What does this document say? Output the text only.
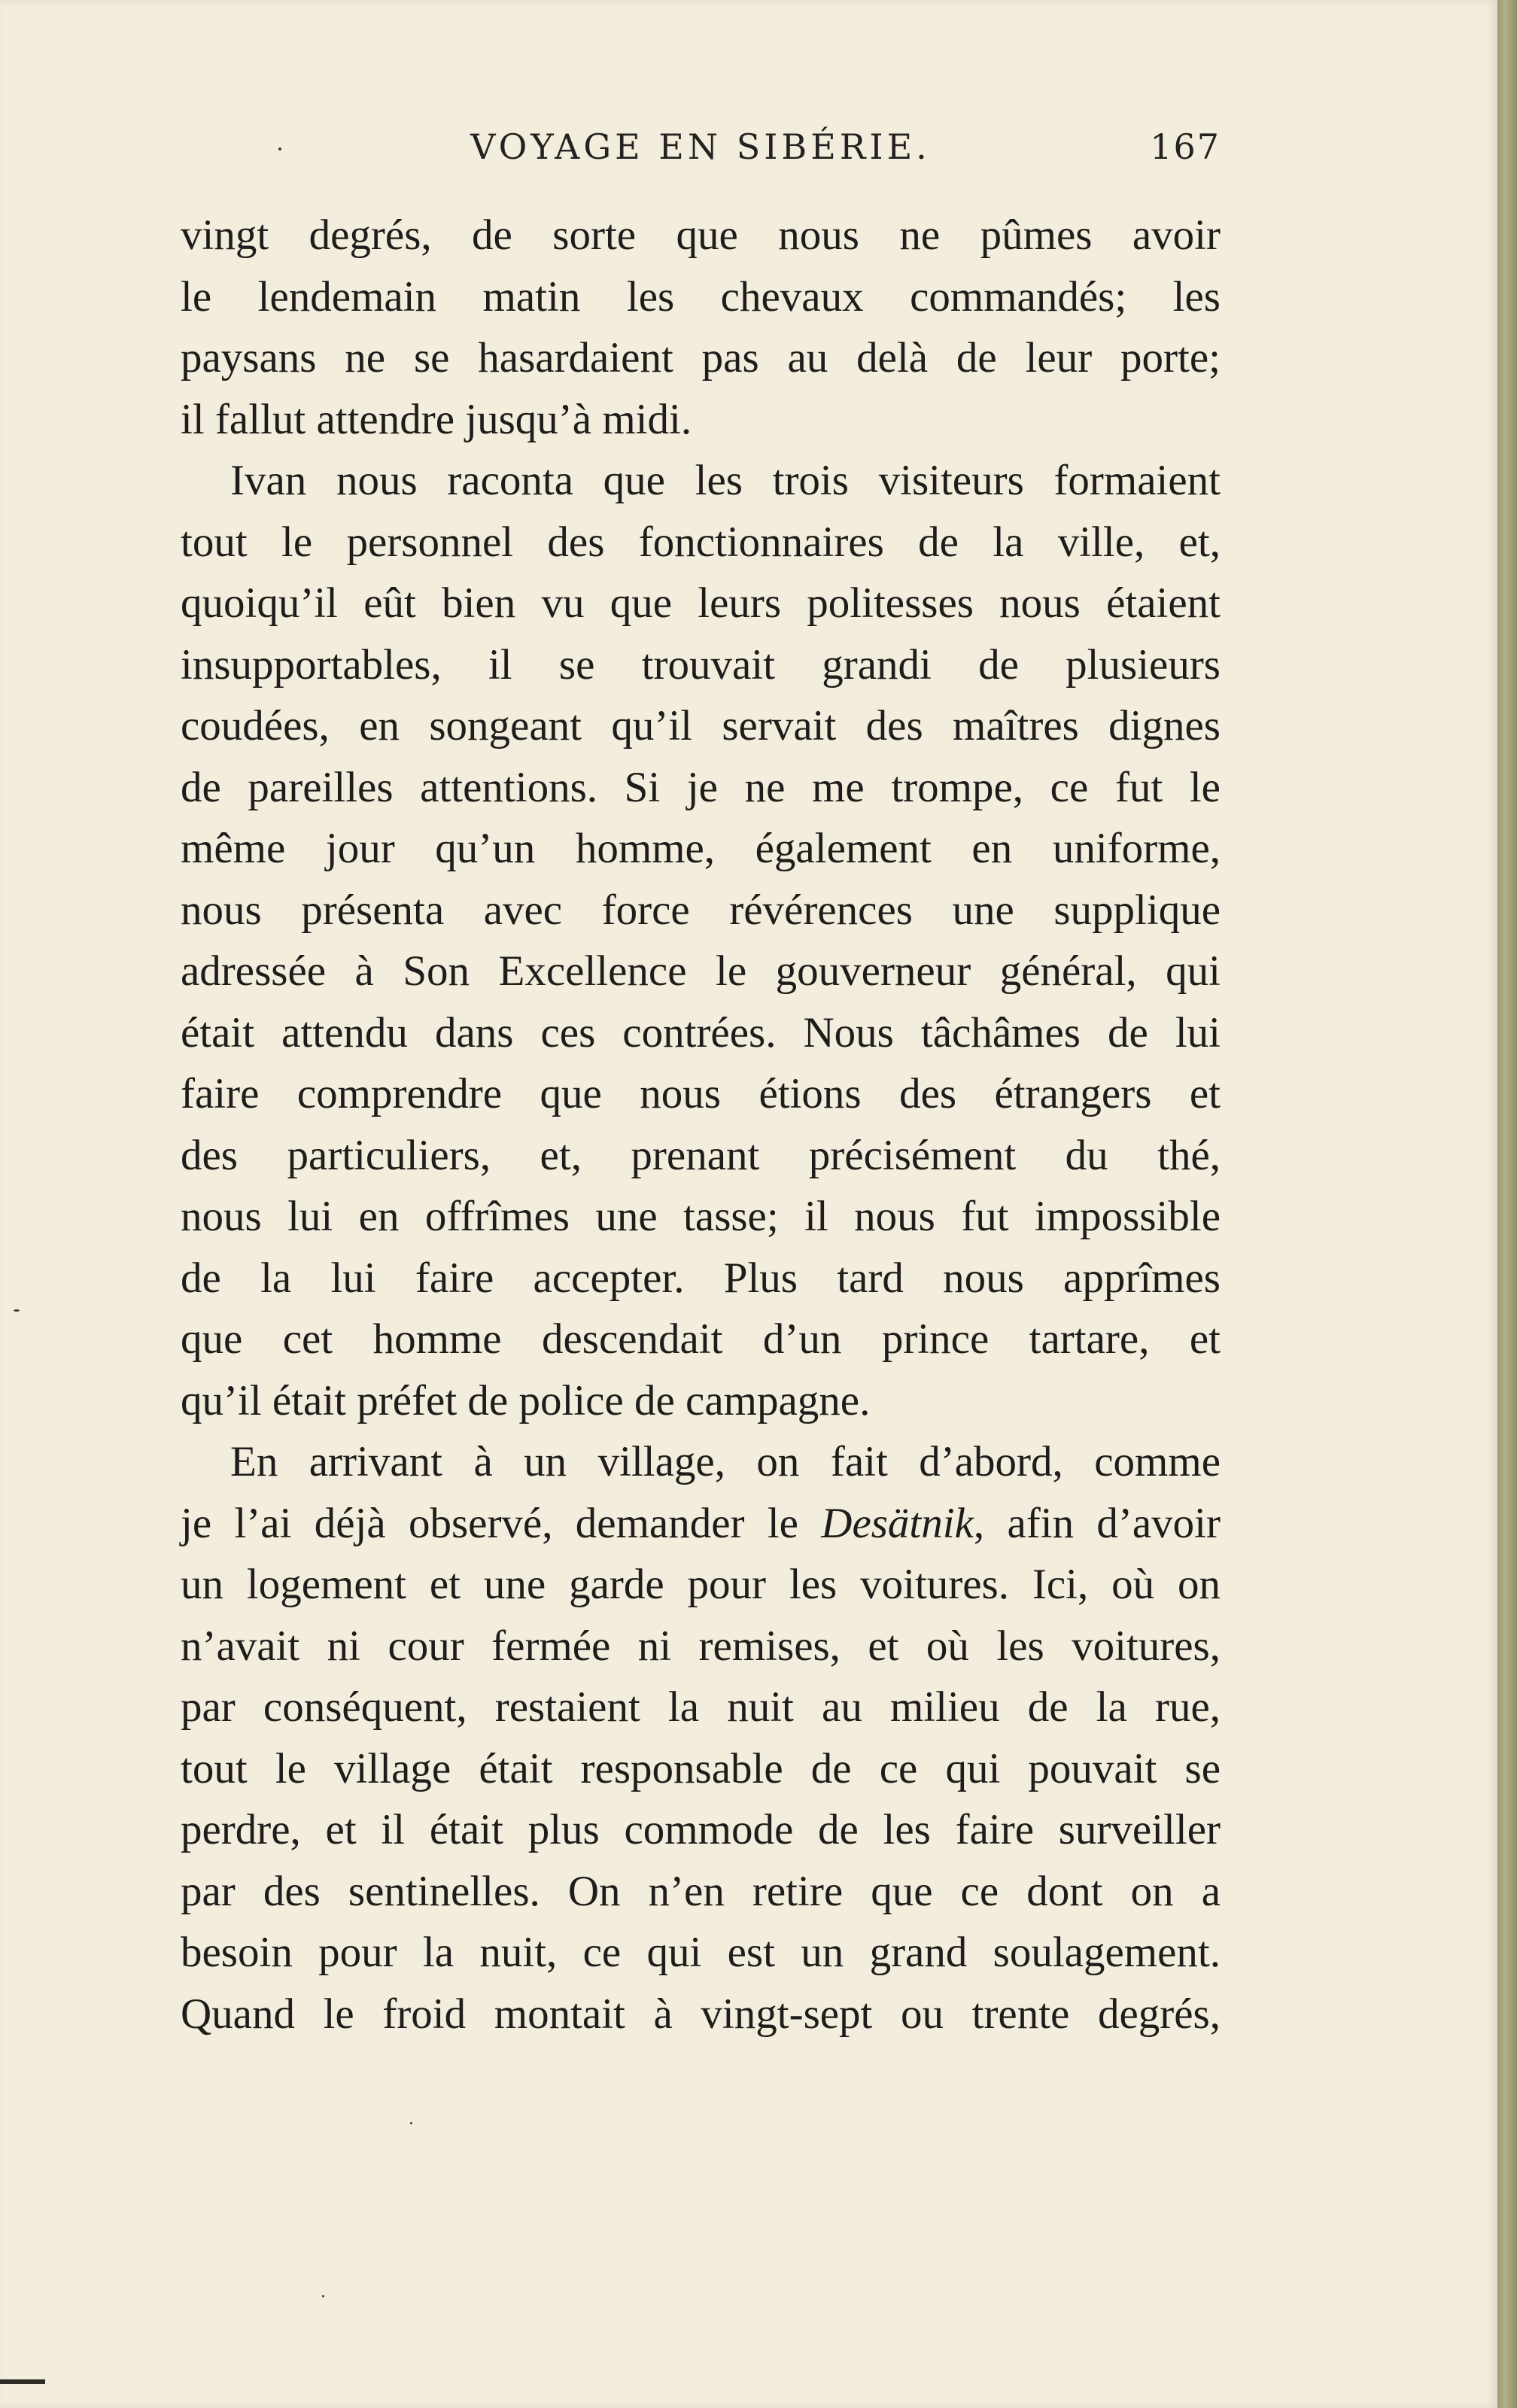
VOYAGE EN SIBÉRIE.	167
vingt degrés, de sorte que nous ne pûmes avoir
le lendemain matin les chevaux commandés; les
paysans ne se hasardaient pas au delà de leur porte;
il fallut attendre jusqu’à midi.
Ivan nous raconta que les trois visiteurs formaient
tout le personnel des fonctionnaires de la ville, et,
quoiqu’il eût bien vu que leurs politesses nous étaient
insupportables, il se trouvait grandi de plusieurs
coudées, en songeant qu’il servait des maîtres dignes
de pareilles attentions. Si je ne me trompe, ce fut le
même jour qu’un homme, également en uniforme,
nous présenta avec force révérences une supplique
adressée à Son Excellence le gouverneur général, qui
était attendu dans ces contrées. Nous tâchâmes de lui
faire comprendre que nous étions des étrangers et
des particuliers, et, prenant précisément du thé,
nous lui en offrîmes une tasse; il nous fut impossible
de la lui faire accepter. Plus tard nous apprîmes
que cet homme descendait d’un prince tartare, et
qu’il était préfet de police de campagne.
En arrivant à un village, on fait d’abord, comme
je l’ai déjà observé, demander le Desätnik, afin d’avoir
un logement et une garde pour les voitures. Ici, où on
n’avait ni cour fermée ni remises, et où les voitures,
par conséquent, restaient la nuit au milieu de la rue,
tout le village était responsable de ce qui pouvait se
perdre, et il était plus commode de les faire surveiller
par des sentinelles. On n’en retire que ce dont on a
besoin pour la nuit, ce qui est un grand soulagement.
Quand le froid montait à vingt-sept ou trente degrés,
